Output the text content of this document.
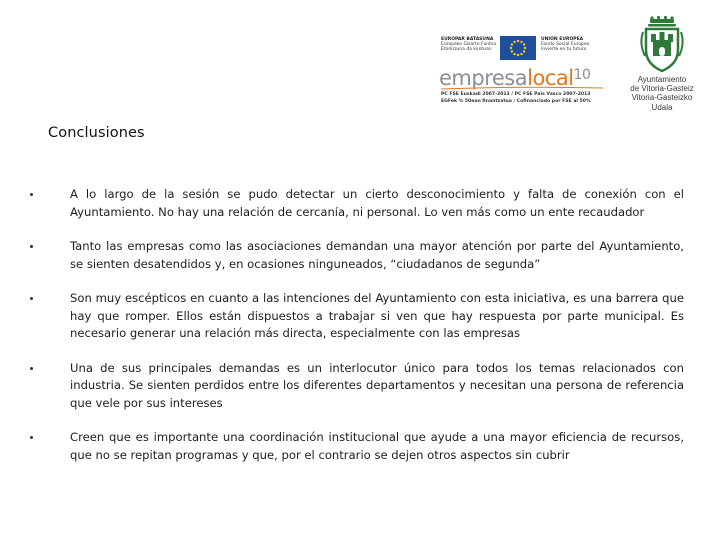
EUROPAR BATASUNA
Europako Gizarte Funtsa
Etorkizuna da kontuan
UNIÓN EUROPEA
Fondo Social Europeo
Invierte en tu futuro
empresalocal$^{10}$
PC FSE Euskadi 2007-2013 / PC FSE País Vasco 2007-2013
EGFek % 50ean finantzatua / Cofinanciado por FSE al 50%
Ayuntamiento
de Vitoria-Gasteiz
Vitoria-Gasteizko
Udala
Conclusiones
A lo largo de la sesión se pudo detectar un cierto desconocimiento y falta de conexión con el Ayuntamiento. No hay una relación de cercanía, ni personal. Lo ven más como un ente recaudador
Tanto las empresas como las asociaciones demandan una mayor atención por parte del Ayuntamiento, se sienten desatendidos y, en ocasiones ninguneados, “ciudadanos de segunda”
Son muy escépticos en cuanto a las intenciones del Ayuntamiento con esta iniciativa, es una barrera que hay que romper. Ellos están dispuestos a trabajar si ven que hay respuesta por parte municipal. Es necesario generar una relación más directa, especialmente con las empresas
Una de sus principales demandas es un interlocutor único para todos los temas relacionados con industria. Se sienten perdidos entre los diferentes departamentos y necesitan una persona de referencia que vele por sus intereses
Creen que es importante una coordinación institucional que ayude a una mayor eficiencia de recursos, que no se repitan programas y que, por el contrario se dejen otros aspectos sin cubrir
